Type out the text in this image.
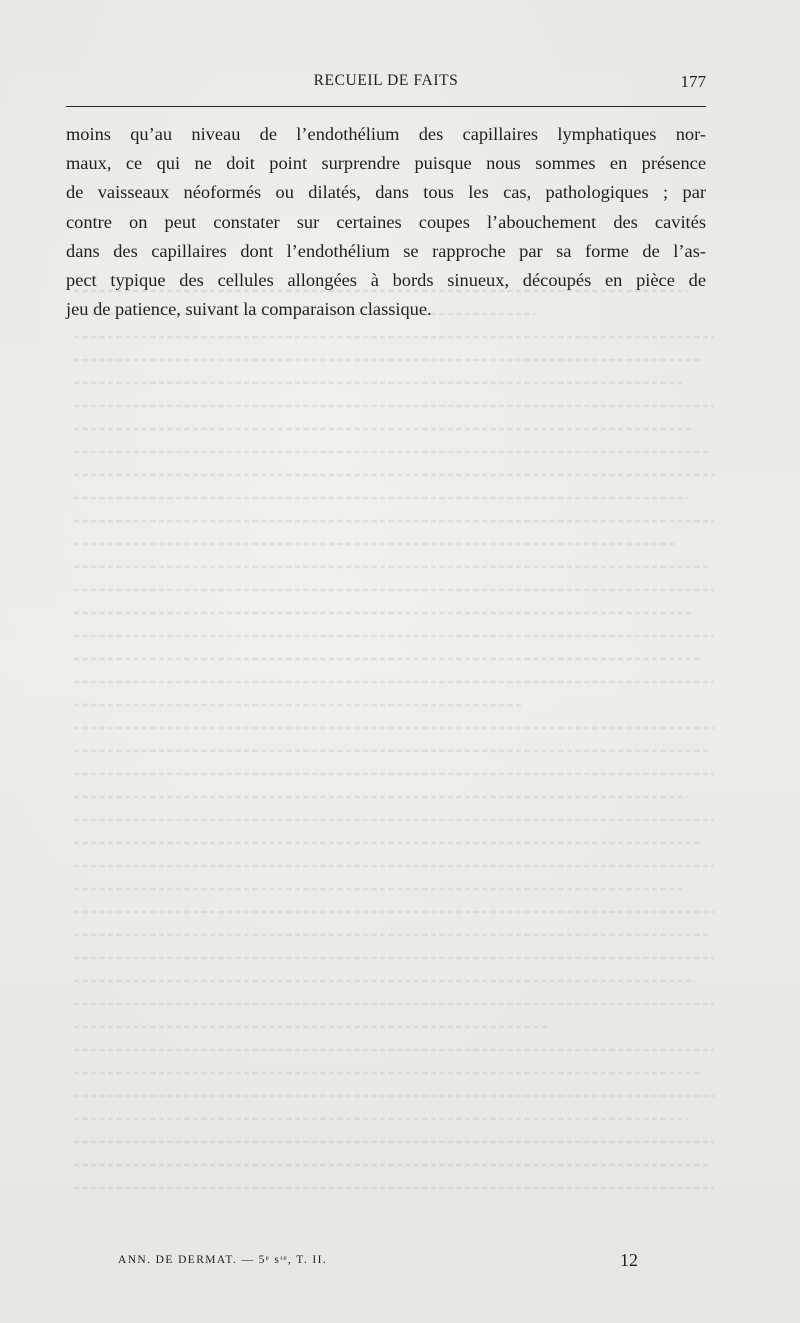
RECUEIL DE FAITS	177
moins qu’au niveau de l’endothélium des capillaires lymphatiques nor-
maux, ce qui ne doit point surprendre puisque nous sommes en présence
de vaisseaux néoformés ou dilatés, dans tous les cas, pathologiques ; par
contre on peut constater sur certaines coupes l’abouchement des cavités
dans des capillaires dont l’endothélium se rapproche par sa forme de l’as-
pect typique des cellules allongées à bords sinueux, découpés en pièce de
jeu de patience, suivant la comparaison classique.
ANN. DE DERMAT. — 5ᵉ sᶦᵉ, T. II.	12
